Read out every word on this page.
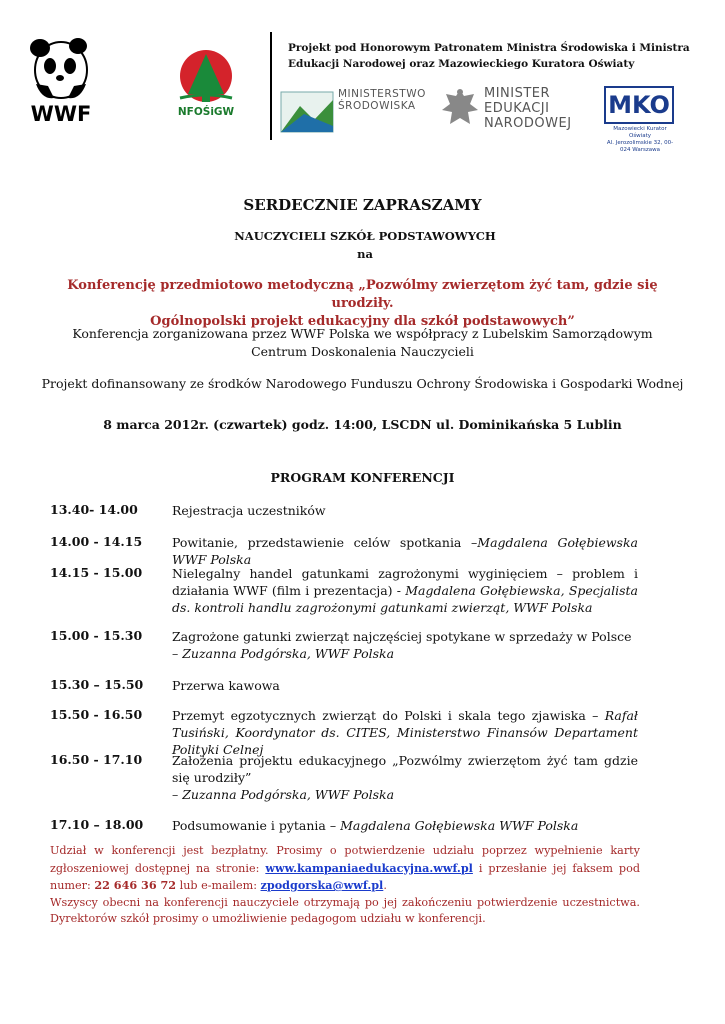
WWF	NFOŚiGW
Projekt pod Honorowym Patronatem Ministra Środowiska i Ministra Edukacji Narodowej oraz Mazowieckiego Kuratora Oświaty
MINISTERSTWO
ŚRODOWISKA
MINISTER
EDUKACJI
NARODOWEJ
MKO
Mazowiecki Kurator Oświaty
Al. Jerozolimskie 32, 00-024 Warszawa
SERDECZNIE ZAPRASZAMY
NAUCZYCIELI SZKÓŁ PODSTAWOWYCH
na
Konferencję przedmiotowo metodyczną „Pozwólmy zwierzętom żyć tam, gdzie się urodziły.
Ogólnopolski projekt edukacyjny dla szkół podstawowych”
Konferencja zorganizowana przez WWF Polska we współpracy z Lubelskim Samorządowym
Centrum Doskonalenia Nauczycieli
Projekt dofinansowany ze środków Narodowego Funduszu Ochrony Środowiska i Gospodarki Wodnej
8 marca 2012r. (czwartek) godz. 14:00, LSCDN ul. Dominikańska 5 Lublin
PROGRAM KONFERENCJI
13.40- 14.00	Rejestracja uczestników
14.00 - 14.15 Powitanie, przedstawienie celów spotkania –Magdalena Gołębiewska WWF Polska
14.15 - 15.00 Nielegalny handel gatunkami zagrożonymi wyginięciem – problem i działania WWF (film i prezentacja) - Magdalena Gołębiewska, Specjalista ds. kontroli handlu zagrożonymi gatunkami zwierząt, WWF Polska
15.00 - 15.30 Zagrożone gatunki zwierząt najczęściej spotykane w sprzedaży w Polsce
– Zuzanna Podgórska, WWF Polska
15.30 – 15.50 Przerwa kawowa
15.50 - 16.50 Przemyt egzotycznych zwierząt do Polski i skala tego zjawiska – Rafał Tusiński, Koordynator ds. CITES, Ministerstwo Finansów Departament Polityki Celnej
16.50 - 17.10 Założenia projektu edukacyjnego „Pozwólmy zwierzętom żyć tam gdzie się urodziły”
– Zuzanna Podgórska, WWF Polska
17.10 – 18.00 Podsumowanie i pytania – Magdalena Gołębiewska WWF Polska
Udział w konferencji jest bezpłatny. Prosimy o potwierdzenie udziału poprzez wypełnienie karty zgłoszeniowej dostępnej na stronie: www.kampaniaedukacyjna.wwf.pl i przesłanie jej faksem pod numer: 22 646 36 72 lub e-mailem: zpodgorska@wwf.pl.
Wszyscy obecni na konferencji nauczyciele otrzymają po jej zakończeniu potwierdzenie uczestnictwa. Dyrektorów szkół prosimy o umożliwienie pedagogom udziału w konferencji.
